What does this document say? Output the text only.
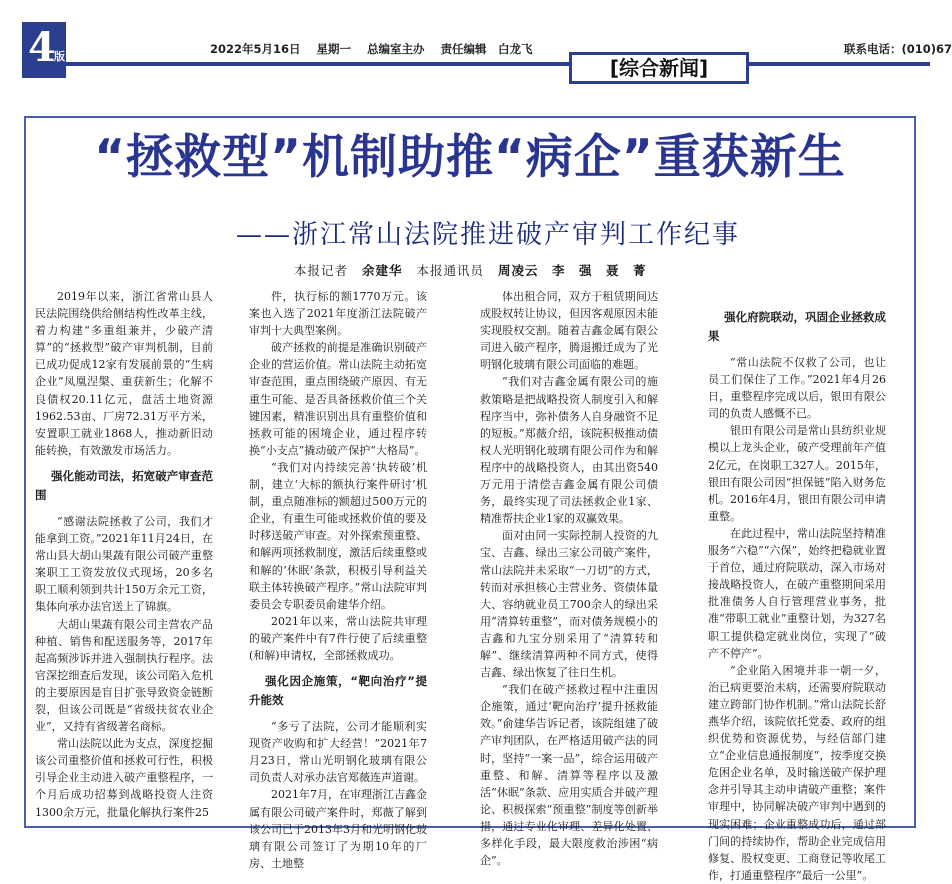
4
版
2022年5月16日 星期一 总编室主办 责任编辑　白龙飞	联系电话：(010)67
[综合新闻]
“拯救型”机制助推“病企”重获新生
——浙江常山法院推进破产审判工作纪事
本报记者 余建华 本报通讯员 周凌云　李　强　聂　菁

2019年以来，浙江省常山县人民法院围绕供给侧结构性改革主线，着力构建“多重组兼并，少破产清算”的“拯救型”破产审判机制，目前已成功促成12家有发展前景的“生病企业”凤凰涅槃、重获新生；化解不良债权20.11亿元，盘活土地资源1962.53亩、厂房72.31万平方米，安置职工就业1868人，推动新旧动能转换，有效激发市场活力。

强化能动司法，拓宽破产审查范围

“感谢法院拯救了公司，我们才能拿到工资。”2021年11月24日，在常山县大胡山果蔬有限公司破产重整案职工工资发放仪式现场，20多名职工顺利领到共计150万余元工资，集体向承办法官送上了锦旗。

大胡山果蔬有限公司主营农产品种植、销售和配送服务等，2017年起高频涉诉并进入强制执行程序。法官深挖细查后发现，该公司陷入危机的主要原因是盲目扩张导致资金链断裂，但该公司既是“省级扶贫农业企业”，又持有省级著名商标。

常山法院以此为支点，深度挖掘该公司重整价值和拯救可行性，积极引导企业主动进入破产重整程序，一个月后成功招募到战略投资人注资1300余万元，批量化解执行案件25

件，执行标的额1770万元。该案也入选了2021年度浙江法院破产审判十大典型案例。

破产拯救的前提是准确识别破产企业的营运价值。常山法院主动拓宽审查范围，重点围绕破产原因、有无重生可能、是否具备拯救价值三个关键因素，精准识别出具有重整价值和拯救可能的困境企业，通过程序转换“小支点”撬动破产保护“大格局”。

“我们对内持续完善‘执转破’机制，建立‘大标的额执行案件研讨’机制，重点随准标的额超过500万元的企业，有重生可能或拯救价值的要及时移送破产审查。对外探索预重整、和解两项拯救制度，激活后续重整或和解的‘休眠’条款，积极引导利益关联主体转换破产程序。”常山法院审判委员会专职委员俞建华介绍。

2021年以来，常山法院共审理的破产案件中有7件行使了后续重整(和解)申请权，全部拯救成功。

强化因企施策，“靶向治疗”提升能效

“多亏了法院，公司才能顺利实现资产收购和扩大经营！”2021年7月23日，常山光明钢化玻璃有限公司负责人对承办法官郑薇连声道谢。

2021年7月，在审理浙江吉鑫金属有限公司破产案件时，郑薇了解到该公司已于2013年3月和光明钢化玻璃有限公司签订了为期10年的厂房、土地整

体出租合同，双方于租赁期间达成股权转让协议，但因客观原因未能实现股权交割。随着吉鑫金属有限公司进入破产程序，腾退搬迁成为了光明钢化玻璃有限公司面临的难题。

“我们对吉鑫金属有限公司的施救策略是把战略投资人制度引入和解程序当中，弥补债务人自身融资不足的短板。”郑薇介绍，该院积极推动债权人光明钢化玻璃有限公司作为和解程序中的战略投资人，由其出资540万元用于清偿吉鑫金属有限公司债务，最终实现了司法拯救企业1家、精准帮扶企业1家的双赢效果。

面对由同一实际控制人投资的九宝、吉鑫、绿出三家公司破产案件，常山法院并未采取“一刀切”的方式，转而对承担核心主营业务、资债体量大、容纳就业员工700余人的绿出采用“清算转重整”，而对债务规模小的吉鑫和九宝分别采用了“清算转和解”、继续清算两种不同方式，使得吉鑫、绿出恢复了往日生机。

“我们在破产拯救过程中注重因企施策，通过‘靶向治疗’提升拯救能效。”俞建华告诉记者，该院组建了破产审判团队，在严格适用破产法的同时，坚持“一案一品”，综合运用破产重整、和解、清算等程序以及激活“休眠”条款、应用实质合并破产理论、积极探索“预重整”制度等创新举措，通过专业化审理、差异化处置、多样化手段，最大限度救治涉困“病企”。

强化府院联动，巩固企业拯救成果

“常山法院不仅救了公司，也让员工们保住了工作。”2021年4月26日，重整程序完成以后，银田有限公司的负责人感慨不已。

银田有限公司是常山县纺织业规模以上龙头企业，破产受理前年产值2亿元，在岗职工327人。2015年，银田有限公司因“担保链”陷入财务危机。2016年4月，银田有限公司申请重整。

在此过程中，常山法院坚持精准服务“六稳”“六保”，始终把稳就业置于首位，通过府院联动，深入市场对接战略投资人，在破产重整期间采用批准债务人自行管理营业事务，批准“带职工就业”重整计划，为327名职工提供稳定就业岗位，实现了“破产不停产”。

“企业陷入困境并非一朝一夕，治已病更要治未病，还需要府院联动建立跨部门协作机制。”常山法院长舒燕华介绍，该院依托党委、政府的组织优势和资源优势，与经信部门建立“企业信息通报制度”，按季度交换危困企业名单，及时输送破产保护理念并引导其主动申请破产重整；案件审理中，协同解决破产审判中遇到的现实困难；企业重整成功后，通过部门间的持续协作，帮助企业完成信用修复、股权变更、工商登记等收尾工作，打通重整程序“最后一公里”。
